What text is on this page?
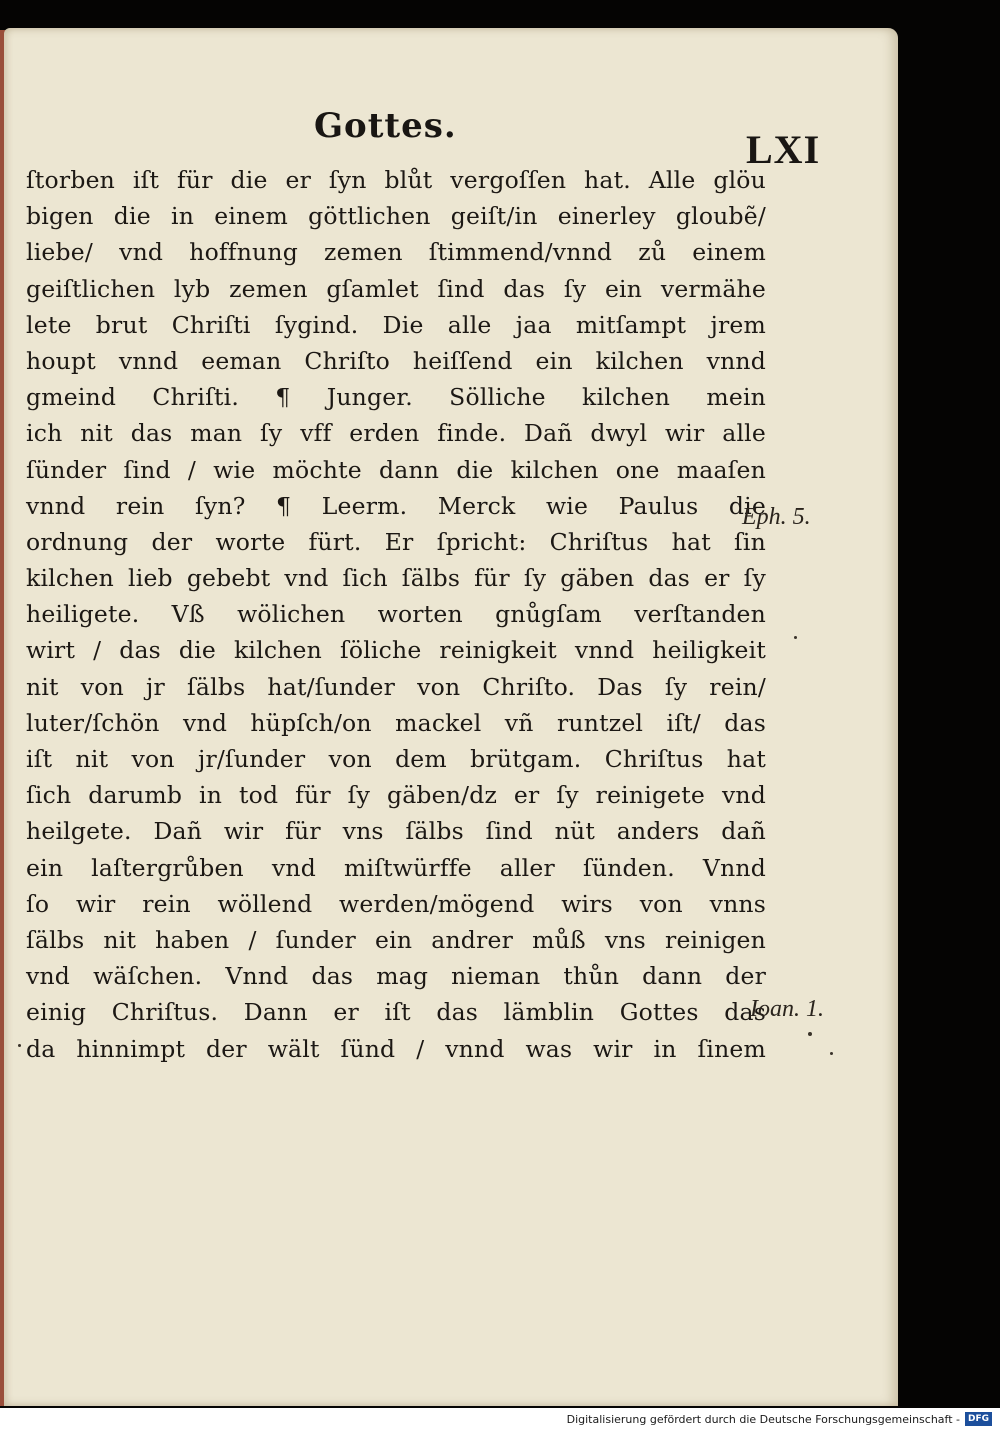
Gottes.
LXI
ſtorben iſt für die er ſyn blůt vergoſſen hat. Alle glöu
bigen die in einem göttlichen geiſt/in einerley gloubẽ/
liebe/ vnd hoffnung zemen ſtimmend/vnnd zů einem
geiſtlichen lyb zemen gſamlet ſind das ſy ein vermähe
lete brut Chriſti ſygind. Die alle jaa mitſampt jrem
houpt vnnd eeman Chriſto heiſſend ein kilchen vnnd
gmeind Chriſti. ¶ Junger. Sölliche kilchen mein
ich nit das man ſy vff erden finde. Dañ dwyl wir alle
ſünder ſind / wie möchte dann die kilchen one maaſen
vnnd rein ſyn? ¶ Leerm. Merck wie Paulus die
ordnung der worte fürt. Er ſpricht: Chriſtus hat ſin
kilchen lieb gebebt vnd ſich ſälbs für ſy gäben das er ſy
heiligete. Vß wölichen worten gnůgſam verſtanden
wirt / das die kilchen ſöliche reinigkeit vnnd heiligkeit
nit von jr ſälbs hat/ſunder von Chriſto. Das ſy rein/
luter/ſchön vnd hüpſch/on mackel vñ runtzel iſt/ das
iſt nit von jr/ſunder von dem brütgam. Chriſtus hat
ſich darumb in tod für ſy gäben/dz er ſy reinigete vnd
heilgete. Dañ wir für vns ſälbs ſind nüt anders dañ
ein laſtergrůben vnd miſtwürffe aller ſünden. Vnnd
ſo wir rein wöllend werden/mögend wirs von vnns
ſälbs nit haben / ſunder ein andrer můß vns reinigen
vnd wäſchen. Vnnd das mag nieman thůn dann der
einig Chriſtus. Dann er iſt das lämblin Gottes das
da hinnimpt der wält ſünd / vnnd was wir in ſinem
Eph. 5.
Ioan. 1.
Digitalisierung gefördert durch die Deutsche Forschungsgemeinschaft - DFG
